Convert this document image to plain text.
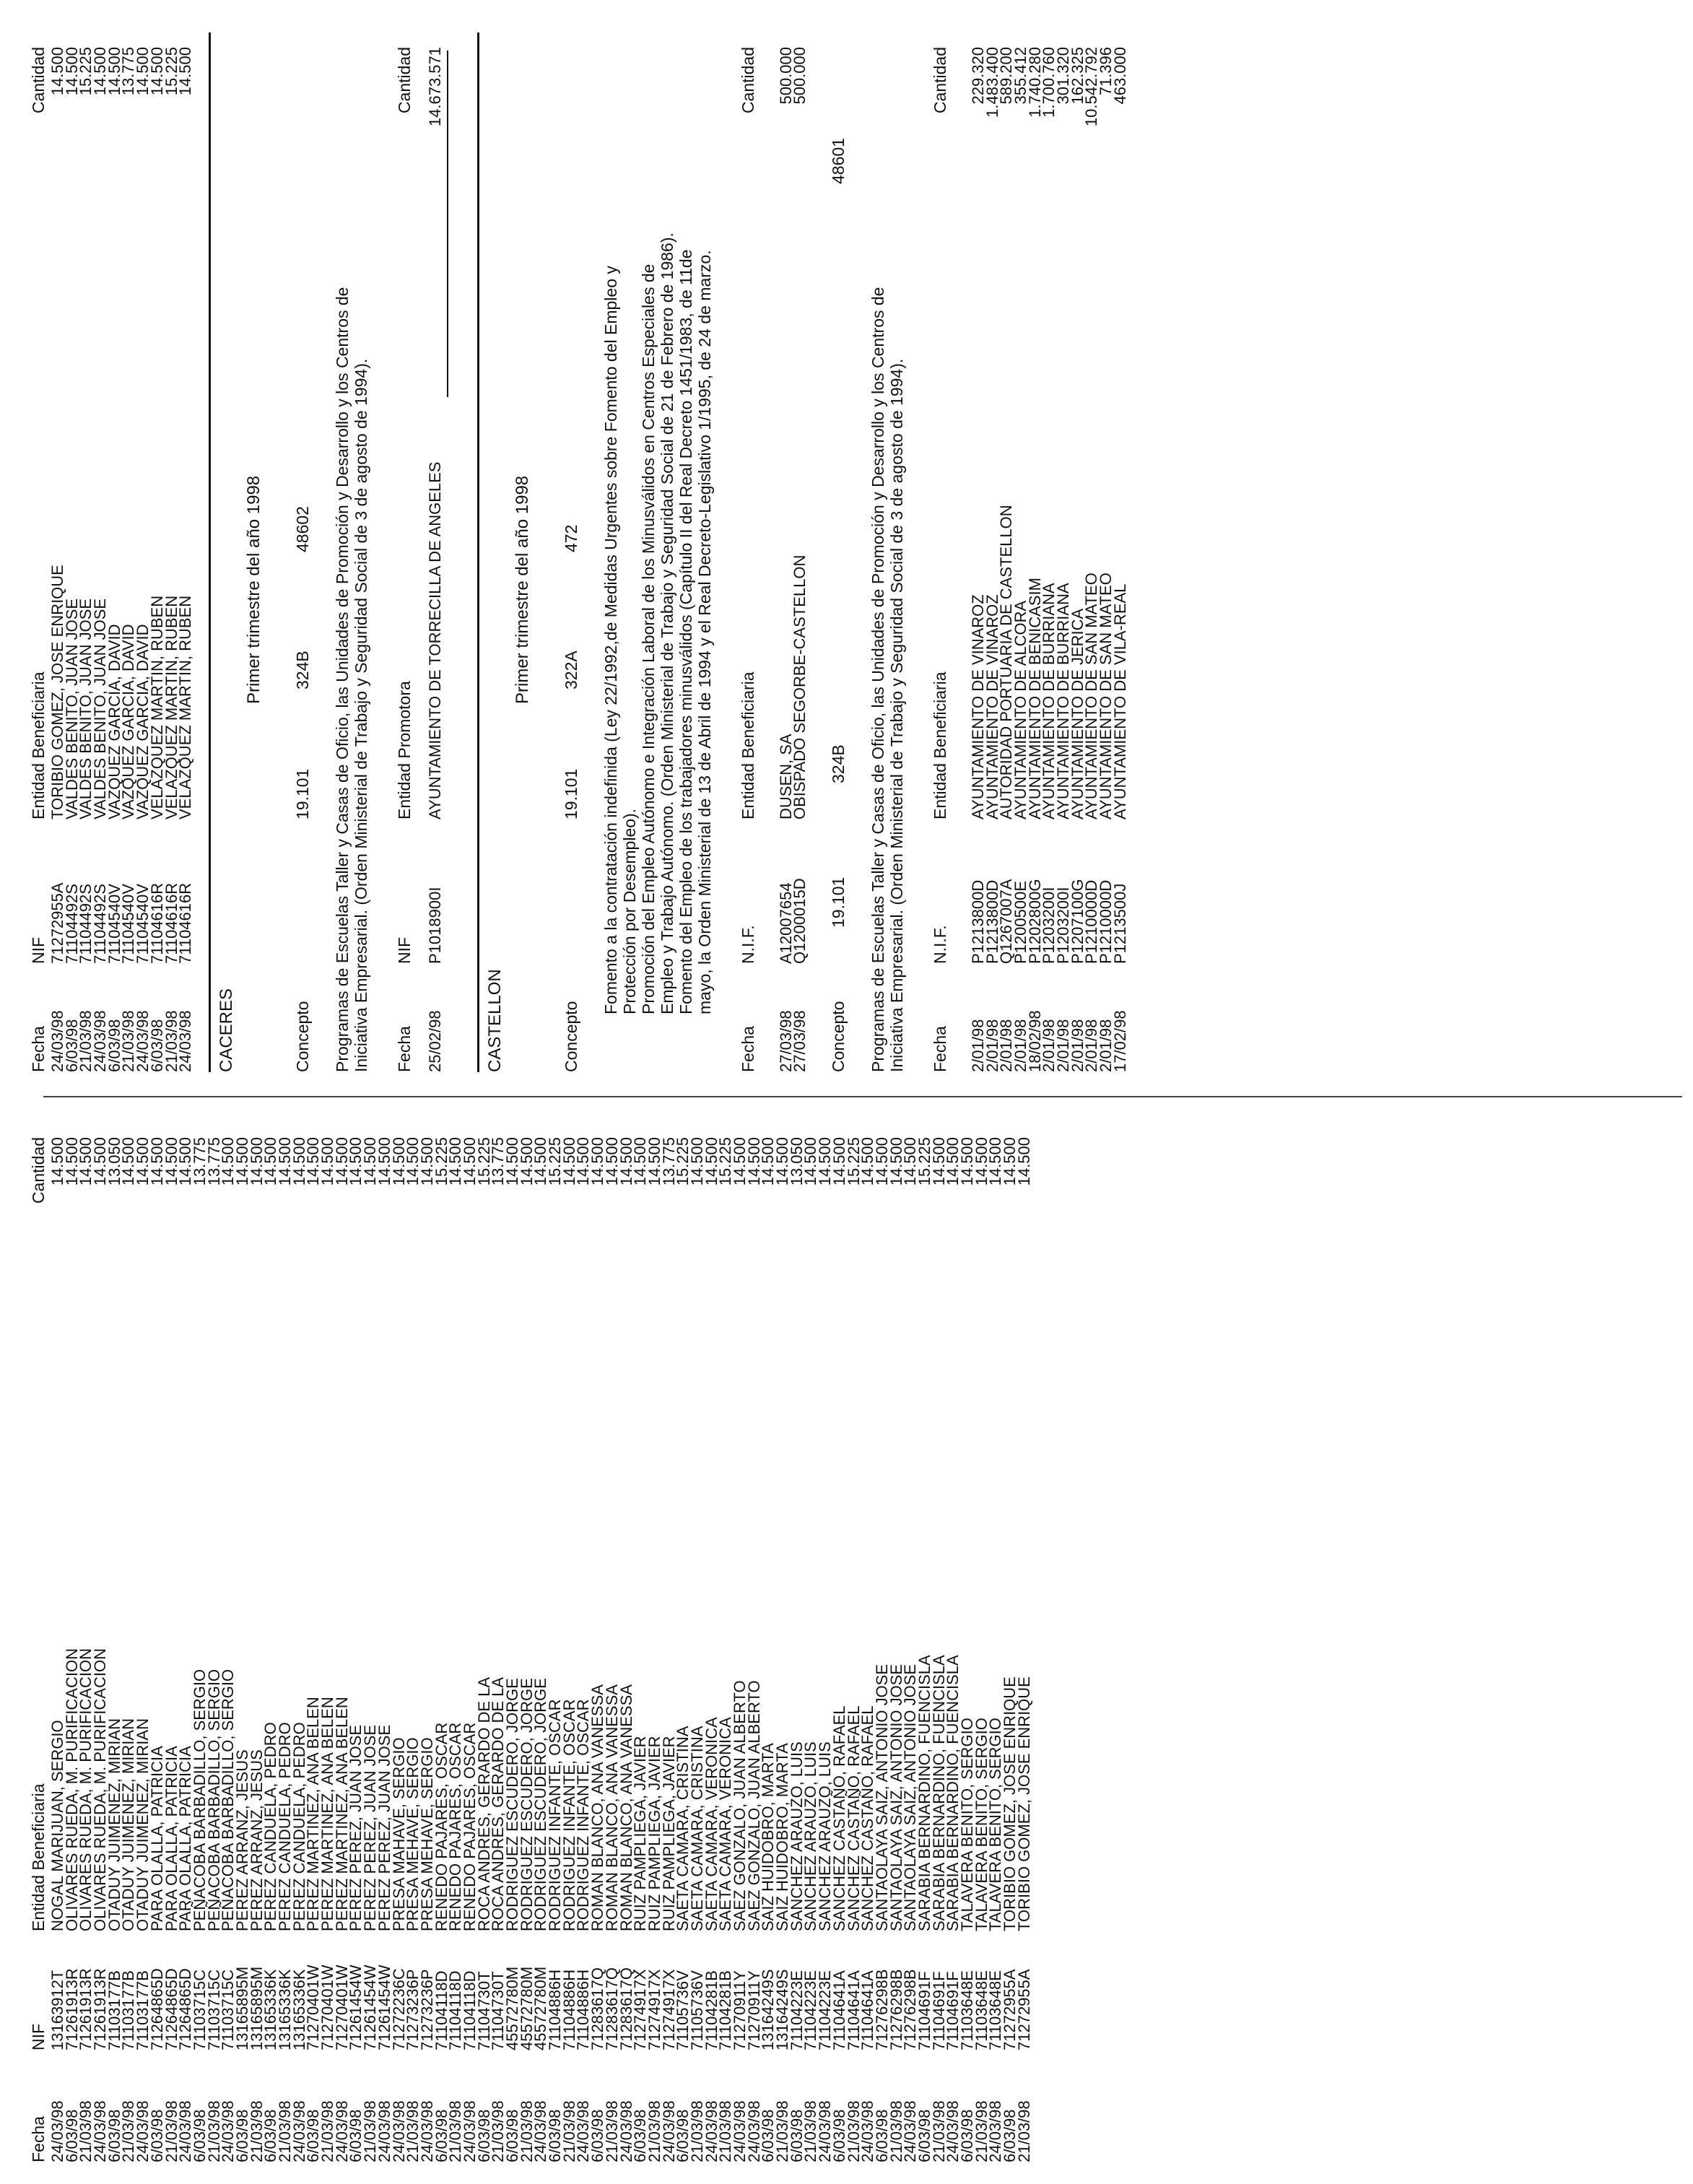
Fecha
NIF
Entidad Beneficiaria
Cantidad
24/03/98
13163912T
NOGAL MARIJUAN, SERGIO
14.500
6/03/98
71261913R
OLIVARES RUEDA, M. PURIFICACION
14.500
21/03/98
71261913R
OLIVARES RUEDA, M. PURIFICACION
14.500
24/03/98
71261913R
OLIVARES RUEDA, M. PURIFICACION
14.500
6/03/98
71103177B
OTADUY JUIMENEZ, MIRIAN
13.050
21/03/98
71103177B
OTADUY JUIMENEZ, MIRIAN
14.500
24/03/98
71103177B
OTADUY JUIMENEZ, MIRIAN
14.500
6/03/98
71264865D
PARA OLALLA, PATRICIA
14.500
21/03/98
71264865D
PARA OLALLA, PATRICIA
14.500
24/03/98
71264865D
PARA OLALLA, PATRICIA
14.500
6/03/98
71103715C
PEÑACOBA BARBADILLO, SERGIO
13.775
21/03/98
71103715C
PEÑACOBA BARBADILLO, SERGIO
13.775
24/03/98
71103715C
PEÑACOBA BARBADILLO, SERGIO
14.500
6/03/98
13165895M
PEREZ ARRANZ, JESUS
14.500
21/03/98
13165895M
PEREZ ARRANZ, JESUS
14.500
6/03/98
13165336K
PEREZ CANDUELA, PEDRO
14.500
21/03/98
13165336K
PEREZ CANDUELA, PEDRO
14.500
24/03/98
13165336K
PEREZ CANDUELA, PEDRO
14.500
6/03/98
71270401W
PEREZ MARTINEZ, ANA BELEN
14.500
21/03/98
71270401W
PEREZ MARTINEZ, ANA BELEN
14.500
24/03/98
71270401W
PEREZ MARTINEZ, ANA BELEN
14.500
6/03/98
71261454W
PEREZ PEREZ, JUAN JOSE
14.500
21/03/98
71261454W
PEREZ PEREZ, JUAN JOSE
14.500
24/03/98
71261454W
PEREZ PEREZ, JUAN JOSE
14.500
24/03/98
71272236C
PRESA MAHAVE, SERGIO
14.500
21/03/98
71273236P
PRESA MEHAVE, SERGIO
14.500
24/03/98
71273236P
PRESA MEHAVE, SERGIO
14.500
6/03/98
71104118D
RENEDO PAJARES, OSCAR
15.225
21/03/98
71104118D
RENEDO PAJARES, OSCAR
14.500
24/03/98
71104118D
RENEDO PAJARES, OSCAR
14.500
6/03/98
71104730T
ROCA ANDRES, GERARDO DE LA
15.225
21/03/98
71104730T
ROCA ANDRES, GERARDO DE LA
13.775
6/03/98
45572780M
RODRIGUEZ ESCUDERO, JORGE
14.500
21/03/98
45572780M
RODRIGUEZ ESCUDERO, JORGE
14.500
24/03/98
45572780M
RODRIGUEZ ESCUDERO, JORGE
14.500
6/03/98
71104886H
RODRIGUEZ INFANTE, OSCAR
15.225
21/03/98
71104886H
RODRIGUEZ INFANTE, OSCAR
14.500
24/03/98
71104886H
RODRIGUEZ INFANTE, OSCAR
14.500
6/03/98
71283617Q
ROMAN BLANCO, ANA VANESSA
14.500
21/03/98
71283617Q
ROMAN BLANCO, ANA VANESSA
14.500
24/03/98
71283617Q
ROMAN BLANCO, ANA VANESSA
14.500
6/03/98
71274917X
RUIZ PAMPLIEGA, JAVIER
14.500
21/03/98
71274917X
RUIZ PAMPLIEGA, JAVIER
14.500
24/03/98
71274917X
RUIZ PAMPLIEGA, JAVIER
13.775
6/03/98
71105736V
SAETA CAMARA, CRISTINA
15.225
21/03/98
71105736V
SAETA CAMARA, CRISTINA
14.500
24/03/98
71104281B
SAETA CAMARA, VERONICA
14.500
21/03/98
71104281B
SAETA CAMARA, VERONICA
15.225
24/03/98
71270911Y
SAEZ GONZALO, JUAN ALBERTO
14.500
24/03/98
71270911Y
SAEZ GONZALO, JUAN ALBERTO
14.500
6/03/98
13164249S
SAIZ HUIDOBRO, MARTA
14.500
21/03/98
13164249S
SAIZ HUIDOBRO, MARTA
14.500
6/03/98
71104223E
SANCHEZ ARAUZO, LUIS
13.050
21/03/98
71104223E
SANCHEZ ARAUZO, LUIS
14.500
24/03/98
71104223E
SANCHEZ ARAUZO, LUIS
14.500
6/03/98
71104641A
SANCHEZ CASTAÑO, RAFAEL
14.500
21/03/98
71104641A
SANCHEZ CASTAÑO, RAFAEL
15.225
24/03/98
71104641A
SANCHEZ CASTAÑO, RAFAEL
14.500
6/03/98
71276298B
SANTAOLAYA SAIZ, ANTONIO JOSE
14.500
21/03/98
71276298B
SANTAOLAYA SAIZ, ANTONIO JOSE
14.500
24/03/98
71276298B
SANTAOLAYA SAIZ, ANTONIO JOSE
14.500
6/03/98
71104691F
SARABIA BERNARDINO, FUENCISLA
15.225
21/03/98
71104691F
SARABIA BERNARDINO, FUENCISLA
14.500
24/03/98
71104691F
SARABIA BERNARDINO, FUENCISLA
14.500
6/03/98
71103648E
TALAVERA BENITO, SERGIO
14.500
21/03/98
71103648E
TALAVERA BENITO, SERGIO
14.500
24/03/98
71103648E
TALAVERA BENITO, SERGIO
14.500
6/03/98
71272955A
TORIBIO GOMEZ, JOSE ENRIQUE
14.500
21/03/98
71272955A
TORIBIO GOMEZ, JOSE ENRIQUE
14.500
Fecha
NIF
Entidad Beneficiaria
Cantidad
24/03/98
71272955A
TORIBIO GOMEZ, JOSE ENRIQUE
14.500
6/03/98
71104492S
VALDES BENITO, JUAN JOSE
14.500
21/03/98
71104492S
VALDES BENITO, JUAN JOSE
15.225
24/03/98
71104492S
VALDES BENITO, JUAN JOSE
14.500
6/03/98
71104540V
VAZQUEZ GARCIA, DAVID
14.500
21/03/98
71104540V
VAZQUEZ GARCIA, DAVID
13.775
24/03/98
71104540V
VAZQUEZ GARCIA, DAVID
14.500
6/03/98
71104616R
VELAZQUEZ MARTIN, RUBEN
14.500
21/03/98
71104616R
VELAZQUEZ MARTIN, RUBEN
15.225
24/03/98
71104616R
VELAZQUEZ MARTIN, RUBEN
14.500
CACERES
Primer trimestre del año 1998
Concepto
19.101
324B
48602
Programas de Escuelas Taller y Casas de Oficio, las Unidades de Promoción y Desarrollo y los Centros de
Iniciativa Empresarial. (Orden Ministerial de Trabajo y Seguridad Social de 3 de agosto de 1994).
Fecha
NIF
Entidad Promotora
Cantidad
25/02/98
P1018900I
AYUNTAMIENTO DE TORRECILLA DE ANGELES
14.673.571
CASTELLON
Primer trimestre del año 1998
Concepto
19.101
322A
472
Fomento a la contratación indefinida (Ley 22/1992,de Medidas Urgentes sobre Fomento del Empleo y
Protección por Desempleo).
Promoción del Empleo Autónomo e Integración Laboral de los Minusválidos en Centros Especiales de
Empleo y Trabajo Autónomo. (Orden Ministerial de Trabajo y Seguridad Social de 21 de Febrero de 1986).
Fomento del Empleo de los trabajadores minusválidos (Capítulo II del Real Decreto 1451/1983, de 11de
mayo, la Orden Ministerial de 13 de Abril de 1994 y el Real Decreto-Legislativo 1/1995, de 24 de marzo.
Fecha
N.I.F.
Entidad Beneficiaria
Cantidad
27/03/98
A12007654
DUSEN, SA
500.000
27/03/98
Q1200015D
OBISPADO SEGORBE-CASTELLON
500.000
Concepto
19.101
324B
48601
Programas de Escuelas Taller y Casas de Oficio, las Unidades de Promoción y Desarrollo y los Centros de
Iniciativa Empresarial. (Orden Ministerial de Trabajo y Seguridad Social de 3 de agosto de 1994).
Fecha
N.I.F.
Entidad Beneficiaria
Cantidad
2/01/98
P1213800D
AYUNTAMIENTO DE VINAROZ
229.320
2/01/98
P1213800D
AYUNTAMIENTO DE VINAROZ
1.483.400
2/01/98
Q1267007A
AUTORIDAD PORTUARIA DE CASTELLON
589.200
2/01/98
P1200500E
AYUNTAMIENTO DE ALCORA
355.412
18/02/98
P1202800G
AYUNTAMIENTO DE BENICASIM
1.740.280
2/01/98
P1203200I
AYUNTAMIENTO DE BURRIANA
1.700.760
2/01/98
P1203200I
AYUNTAMIENTO DE BURRIANA
301.320
2/01/98
P1207100G
AYUNTAMIENTO DE JERICA
162.325
2/01/98
P1210000D
AYUNTAMIENTO DE SAN MATEO
10.542.792
2/01/98
P1210000D
AYUNTAMIENTO DE SAN MATEO
71.396
17/02/98
P1213500J
AYUNTAMIENTO DE VILA-REAL
463.000
